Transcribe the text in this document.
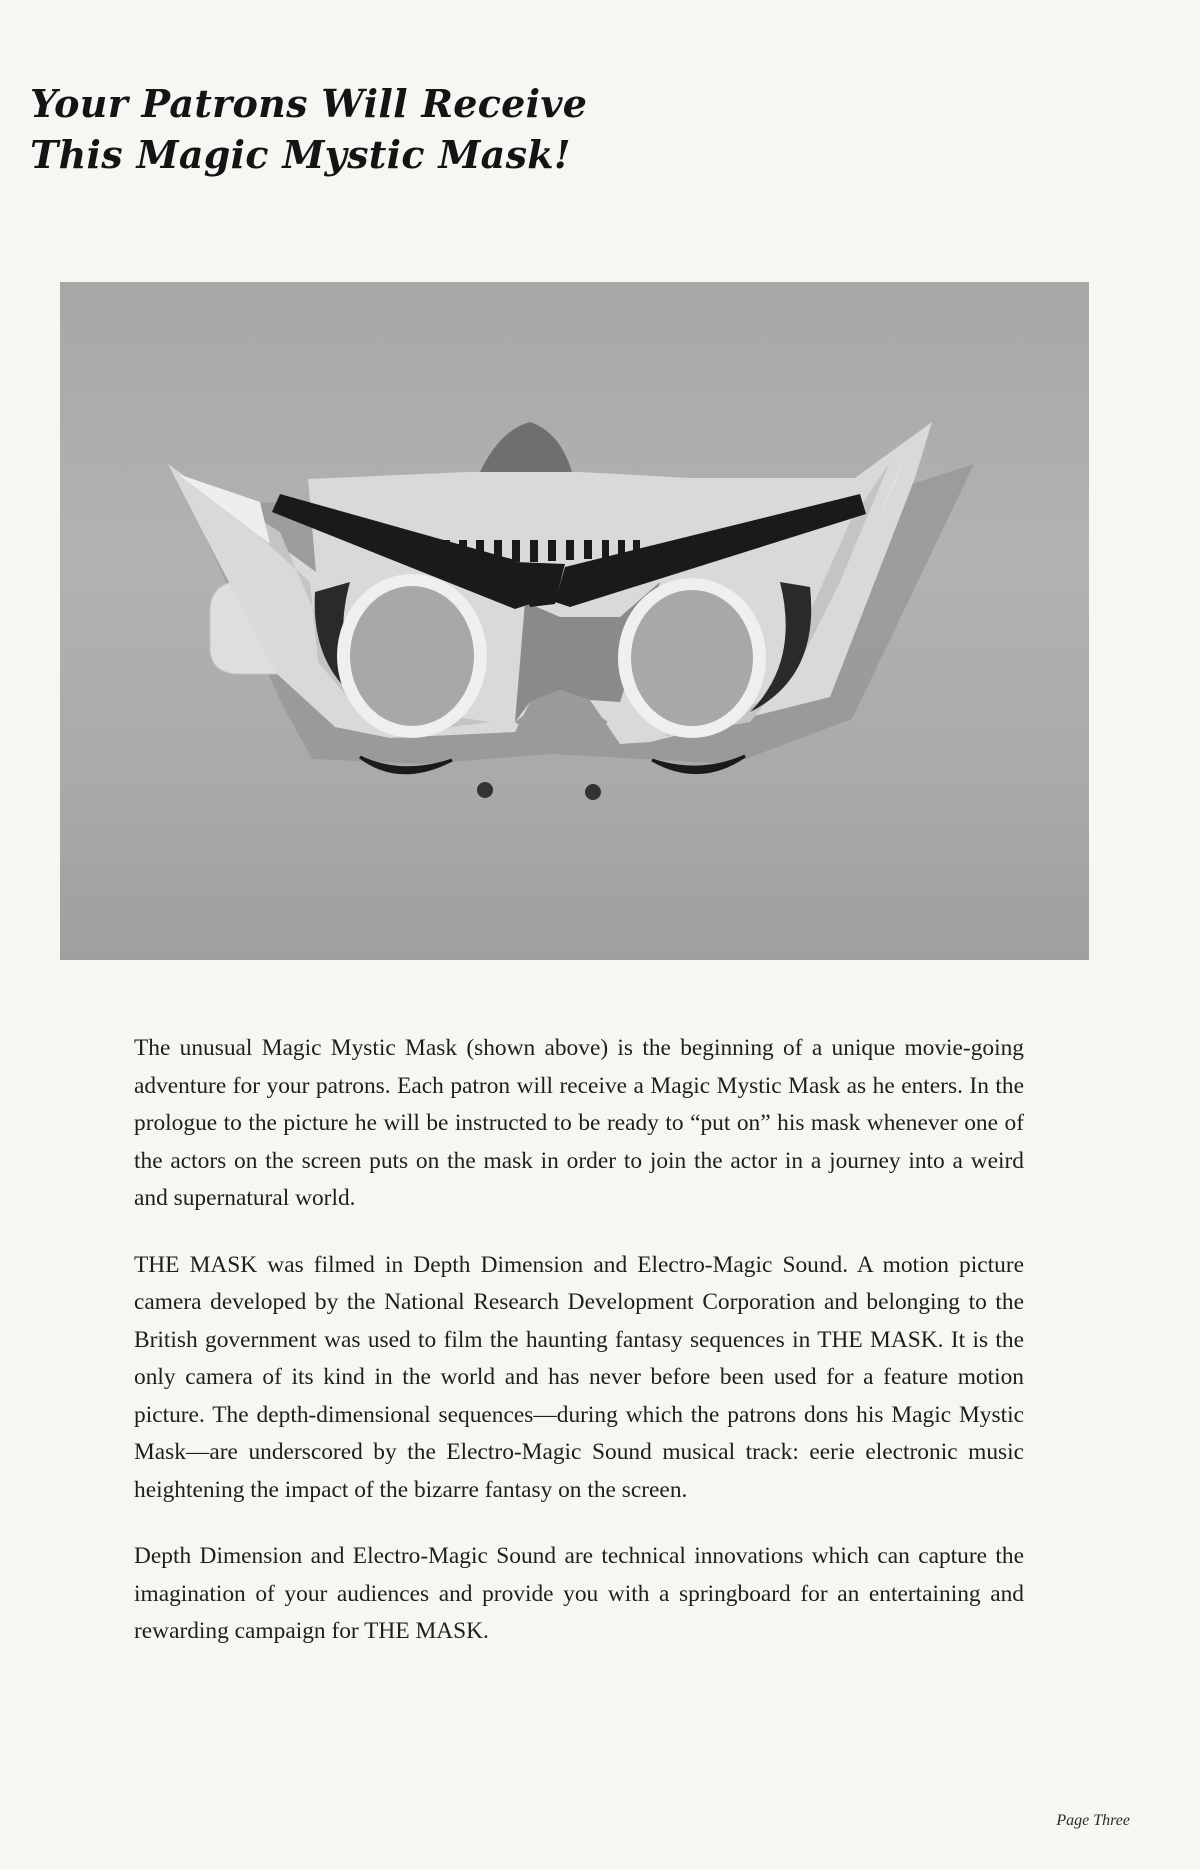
Your Patrons Will Receive
This Magic Mystic Mask!

The unusual Magic Mystic Mask (shown above) is the beginning of a unique movie-going adventure for your patrons. Each patron will receive a Magic Mystic Mask as he enters. In the prologue to the picture he will be instructed to be ready to “put on” his mask whenever one of the actors on the screen puts on the mask in order to join the actor in a journey into a weird and supernatural world.

THE MASK was filmed in Depth Dimension and Electro-Magic Sound. A motion picture camera developed by the National Research Development Corporation and belonging to the British government was used to film the haunting fantasy sequences in THE MASK. It is the only camera of its kind in the world and has never before been used for a feature motion picture. The depth-dimensional sequences—during which the patrons dons his Magic Mystic Mask—are underscored by the Electro-Magic Sound musical track: eerie electronic music heightening the impact of the bizarre fantasy on the screen.

Depth Dimension and Electro-Magic Sound are technical innovations which can capture the imagination of your audiences and provide you with a springboard for an entertaining and rewarding campaign for THE MASK.

Page Three
